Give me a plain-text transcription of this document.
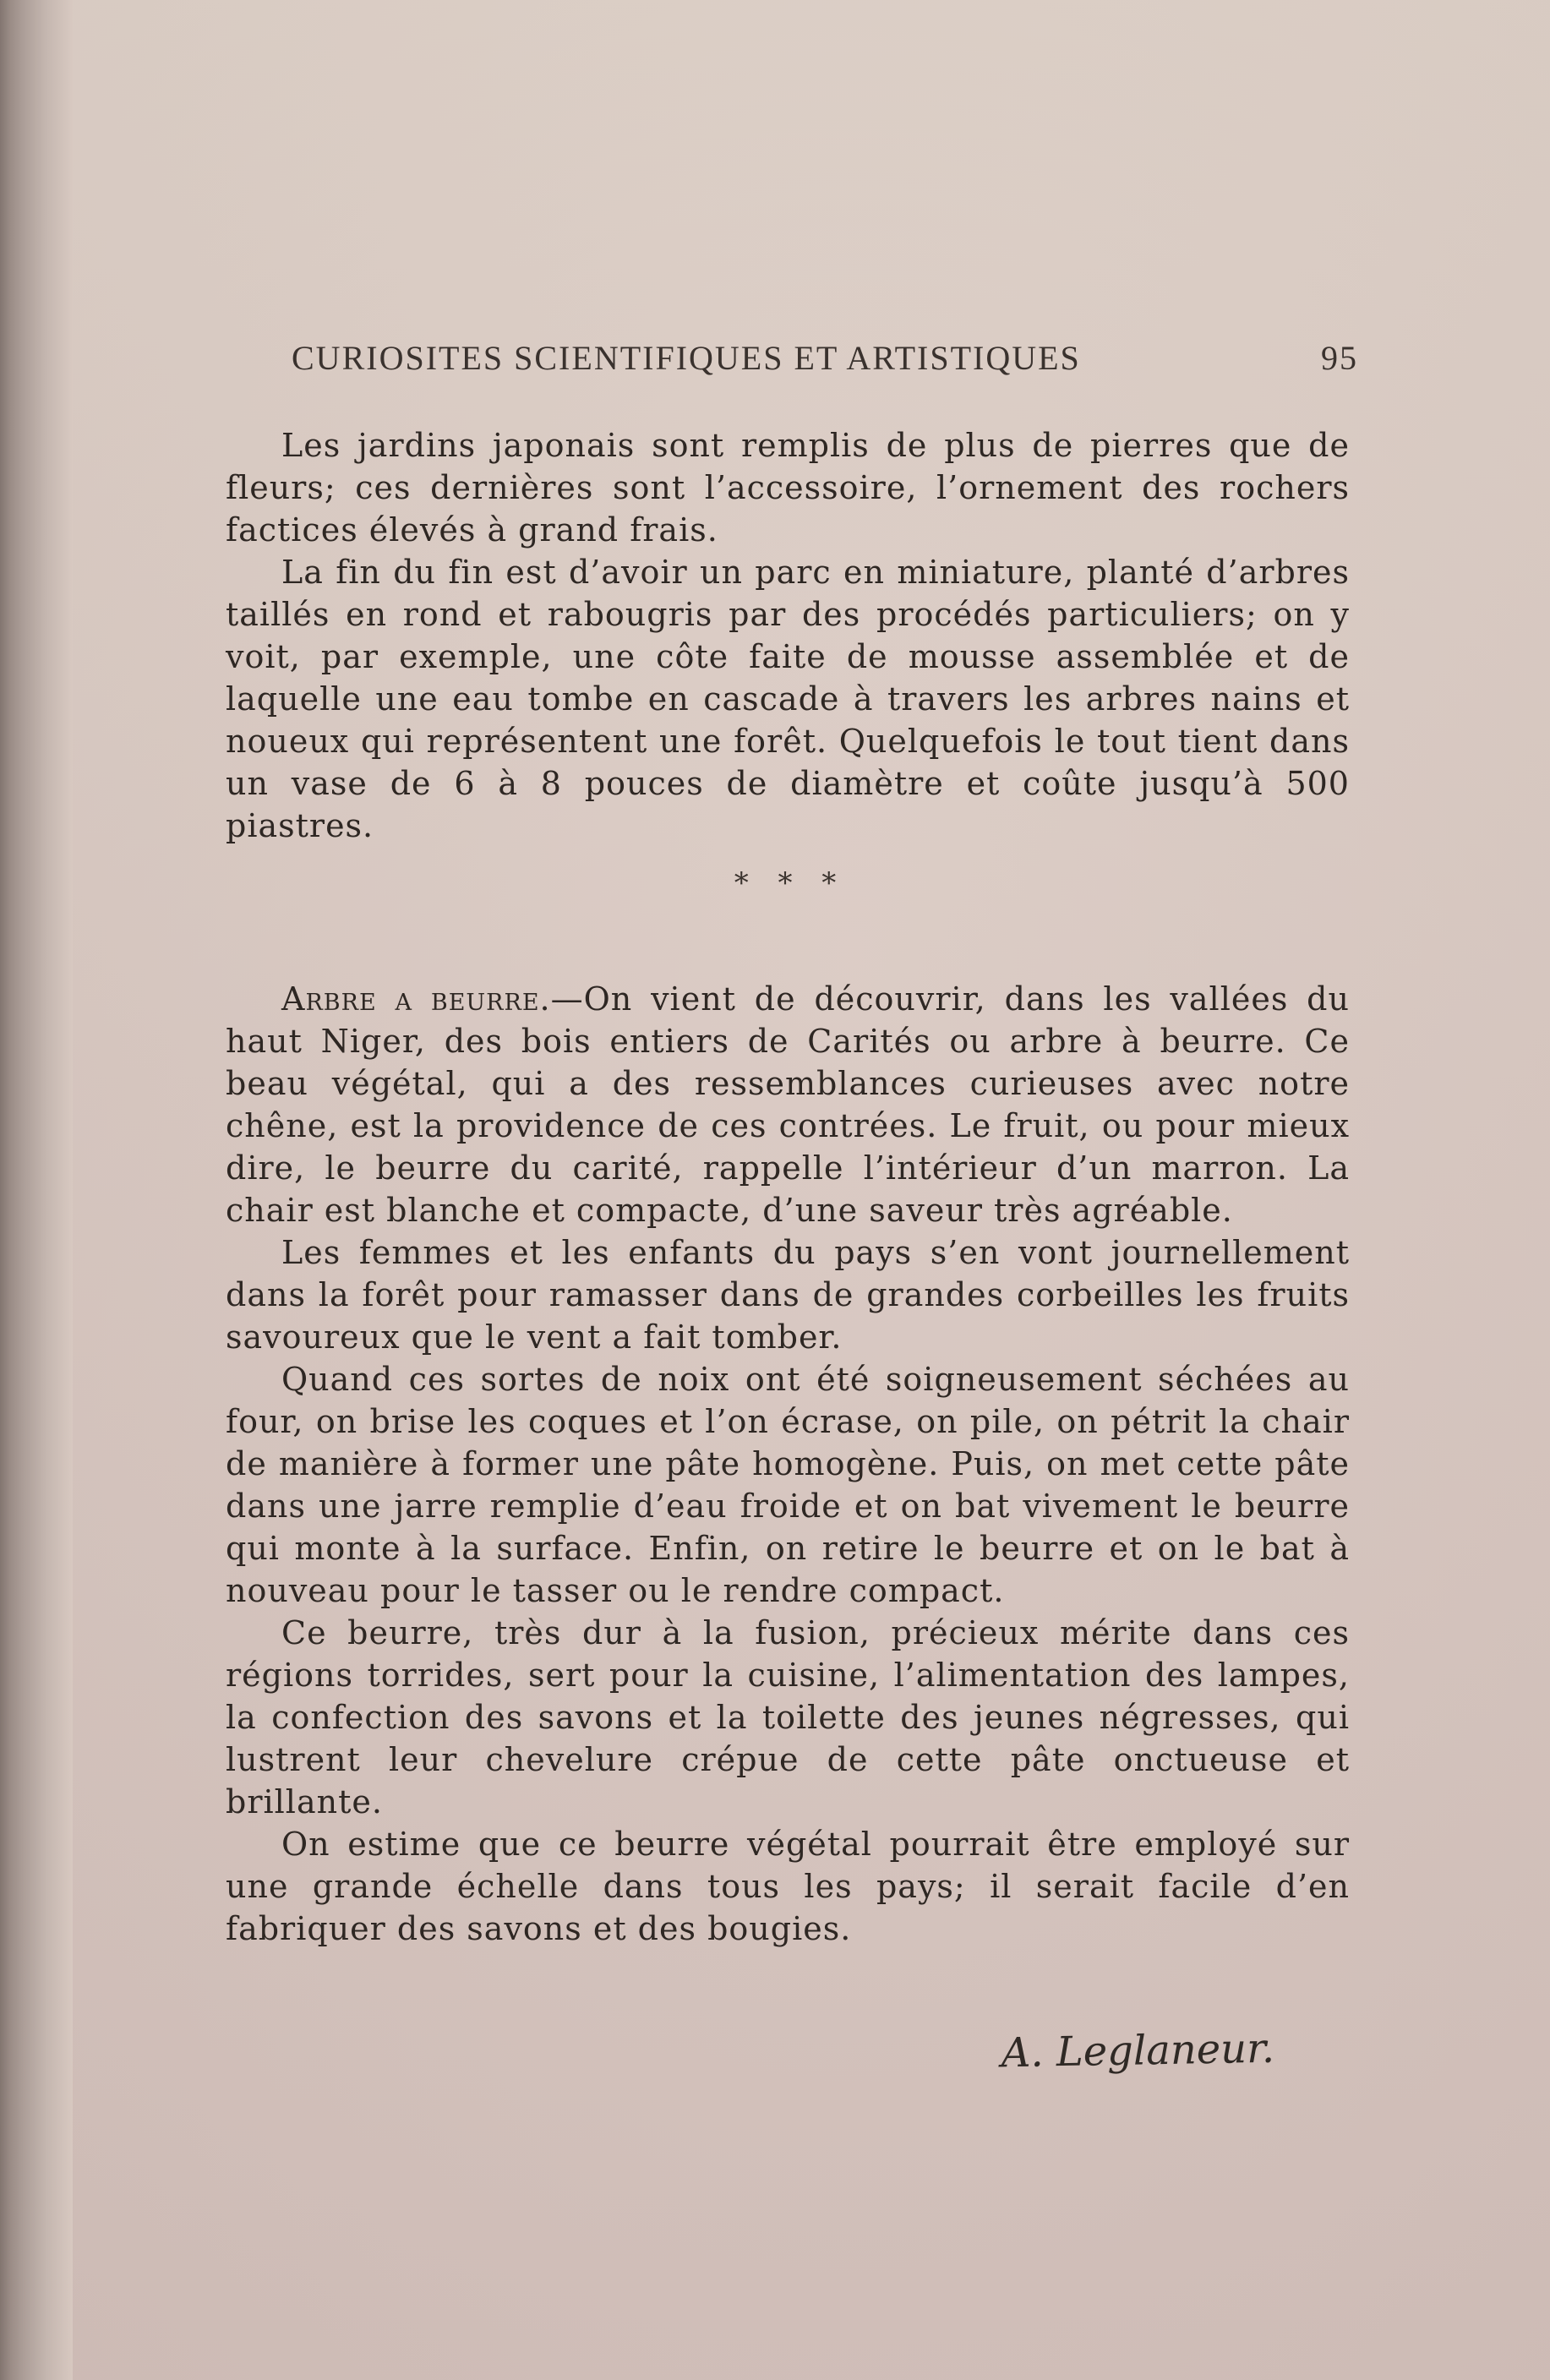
CURIOSITES SCIENTIFIQUES ET ARTISTIQUES	95

Les jardins japonais sont remplis de plus de pierres que de fleurs; ces dernières sont l’accessoire, l’ornement des rochers factices élevés à grand frais.

La fin du fin est d’avoir un parc en miniature, planté d’arbres taillés en rond et rabougris par des procédés particuliers; on y voit, par exemple, une côte faite de mousse assemblée et de laquelle une eau tombe en cascade à travers les arbres nains et noueux qui représentent une forêt. Quelquefois le tout tient dans un vase de 6 à 8 pouces de diamètre et coûte jusqu’à 500 piastres.

* * *

Arbre a beurre.—On vient de découvrir, dans les vallées du haut Niger, des bois entiers de Carités ou arbre à beurre. Ce beau végétal, qui a des ressemblances curieuses avec notre chêne, est la providence de ces contrées. Le fruit, ou pour mieux dire, le beurre du carité, rappelle l’intérieur d’un marron. La chair est blanche et compacte, d’une saveur très agréable.

Les femmes et les enfants du pays s’en vont journellement dans la forêt pour ramasser dans de grandes corbeilles les fruits savoureux que le vent a fait tomber.

Quand ces sortes de noix ont été soigneusement séchées au four, on brise les coques et l’on écrase, on pile, on pétrit la chair de manière à former une pâte homogène. Puis, on met cette pâte dans une jarre remplie d’eau froide et on bat vivement le beurre qui monte à la surface. Enfin, on retire le beurre et on le bat à nouveau pour le tasser ou le rendre compact.

Ce beurre, très dur à la fusion, précieux mérite dans ces régions torrides, sert pour la cuisine, l’alimentation des lampes, la confection des savons et la toilette des jeunes négresses, qui lustrent leur chevelure crépue de cette pâte onctueuse et brillante.

On estime que ce beurre végétal pourrait être employé sur une grande échelle dans tous les pays; il serait facile d’en fabriquer des savons et des bougies.

A. Leglaneur.
